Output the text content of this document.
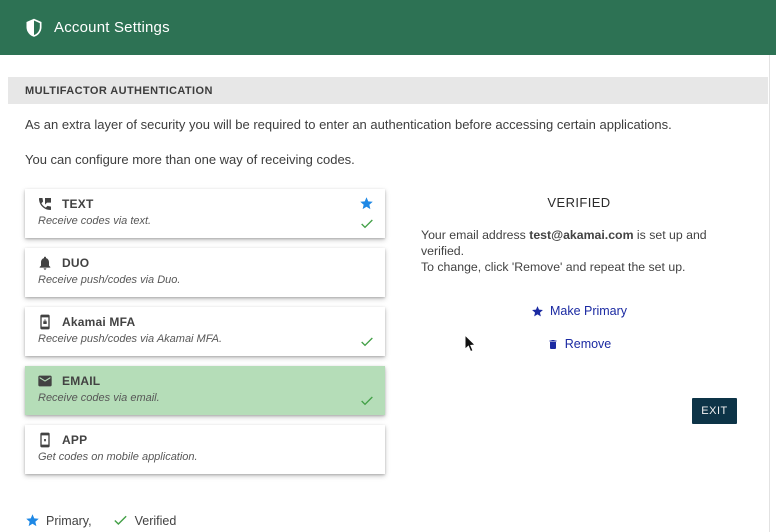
Account Settings
MULTIFACTOR AUTHENTICATION

As an extra layer of security you will be required to enter an authentication before accessing certain applications.

You can configure more than one way of receiving codes.

TEXT
Receive codes via text.
DUO
Receive push/codes via Duo.
Akamai MFA
Receive push/codes via Akamai MFA.
EMAIL
Receive codes via email.
APP
Get codes on mobile application.
VERIFIED
Your email address test@akamai.com is set up and verified.
To change, click 'Remove' and repeat the set up.
Make Primary
Remove
EXIT
Primary,	Verified
